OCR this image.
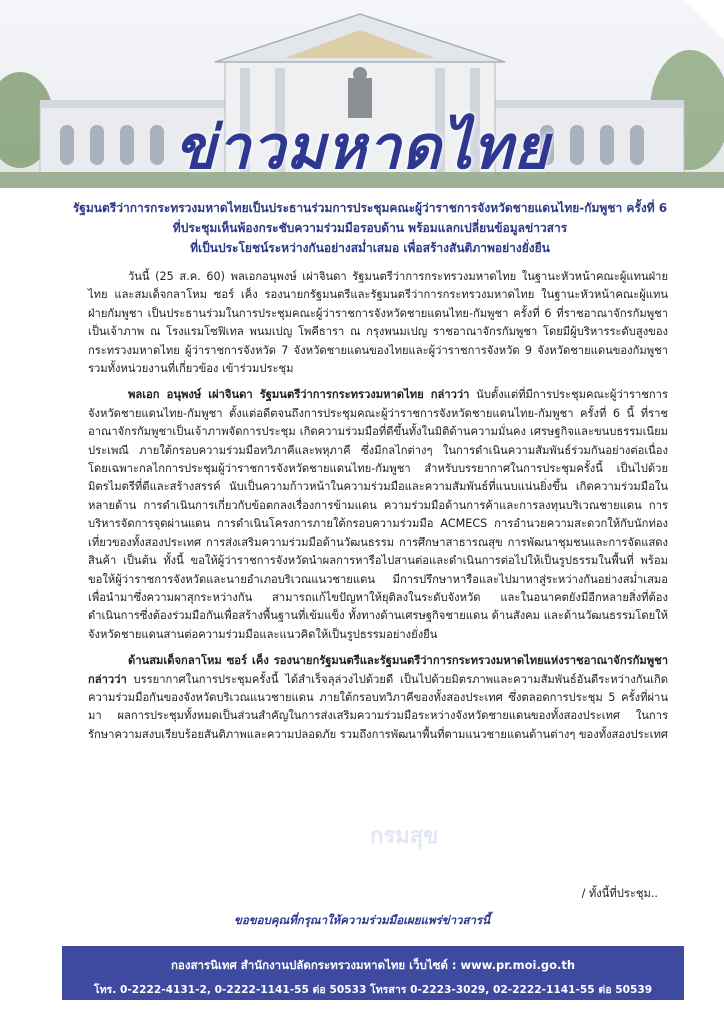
ข่าวมหาดไทย
รัฐมนตรีว่าการกระทรวงมหาดไทยเป็นประธานร่วมการประชุมคณะผู้ว่าราชการจังหวัดชายแดนไทย-กัมพูชา ครั้งที่ 6
ที่ประชุมเห็นพ้องกระชับความร่วมมือรอบด้าน พร้อมแลกเปลี่ยนข้อมูลข่าวสาร
ที่เป็นประโยชน์ระหว่างกันอย่างสม่ำเสมอ เพื่อสร้างสันติภาพอย่างยั่งยืน

วันนี้ (25 ส.ค. 60) พลเอกอนุพงษ์ เผ่าจินดา รัฐมนตรีว่าการกระทรวงมหาดไทย ในฐานะหัวหน้าคณะผู้แทนฝ่ายไทย และสมเด็จกลาโหม ซอร์ เค็ง รองนายกรัฐมนตรีและรัฐมนตรีว่าการกระทรวงมหาดไทย ในฐานะหัวหน้าคณะผู้แทนฝ่ายกัมพูชา เป็นประธานร่วมในการประชุมคณะผู้ว่าราชการจังหวัดชายแดนไทย-กัมพูชา ครั้งที่ 6 ที่ราชอาณาจักรกัมพูชาเป็นเจ้าภาพ ณ โรงแรมโซฟิเทล พนมเปญ โพคีธารา ณ กรุงพนมเปญ ราชอาณาจักรกัมพูชา โดยมีผู้บริหารระดับสูงของกระทรวงมหาดไทย ผู้ว่าราชการจังหวัด 7 จังหวัดชายแดนของไทยและผู้ว่าราชการจังหวัด 9 จังหวัดชายแดนของกัมพูชา รวมทั้งหน่วยงานที่เกี่ยวข้อง เข้าร่วมประชุม

พลเอก อนุพงษ์ เผ่าจินดา รัฐมนตรีว่าการกระทรวงมหาดไทย กล่าวว่า นับตั้งแต่ที่มีการประชุมคณะผู้ว่าราชการจังหวัดชายแดนไทย-กัมพูชา ตั้งแต่อดีตจนถึงการประชุมคณะผู้ว่าราชการจังหวัดชายแดนไทย-กัมพูชา ครั้งที่ 6 นี้ ที่ราชอาณาจักรกัมพูชาเป็นเจ้าภาพจัดการประชุม เกิดความร่วมมือที่ดีขึ้นทั้งในมิติด้านความมั่นคง เศรษฐกิจและขนบธรรมเนียมประเพณี ภายใต้กรอบความร่วมมือทวิภาคีและพหุภาคี ซึ่งมีกลไกต่างๆ ในการดำเนินความสัมพันธ์ร่วมกันอย่างต่อเนื่อง โดยเฉพาะกลไกการประชุมผู้ว่าราชการจังหวัดชายแดนไทย-กัมพูชา สำหรับบรรยากาศในการประชุมครั้งนี้ เป็นไปด้วยมิตรไมตรีที่ดีและสร้างสรรค์ นับเป็นความก้าวหน้าในความร่วมมือและความสัมพันธ์ที่แนบแน่นยิ่งขึ้น เกิดความร่วมมือในหลายด้าน การดำเนินการเกี่ยวกับข้อตกลงเรื่องการข้ามแดน ความร่วมมือด้านการค้าและการลงทุนบริเวณชายแดน การบริหารจัดการจุดผ่านแดน การดำเนินโครงการภายใต้กรอบความร่วมมือ ACMECS การอำนวยความสะดวกให้กับนักท่องเที่ยวของทั้งสองประเทศ การส่งเสริมความร่วมมือด้านวัฒนธรรม การศึกษาสาธารณสุข การพัฒนาชุมชนและการจัดแสดงสินค้า เป็นต้น ทั้งนี้ ขอให้ผู้ว่าราชการจังหวัดนำผลการหารือไปสานต่อและดำเนินการต่อไปให้เป็นรูปธรรมในพื้นที่ พร้อมขอให้ผู้ว่าราชการจังหวัดและนายอำเภอบริเวณแนวชายแดน มีการปรึกษาหารือและไปมาหาสู่ระหว่างกันอย่างสม่ำเสมอ เพื่อนำมาซึ่งความผาสุกระหว่างกัน สามารถแก้ไขปัญหาให้ยุติลงในระดับจังหวัด และในอนาคตยังมีอีกหลายสิ่งที่ต้องดำเนินการซึ่งต้องร่วมมือกันเพื่อสร้างพื้นฐานที่เข้มแข็ง ทั้งทางด้านเศรษฐกิจชายแดน ด้านสังคม และด้านวัฒนธรรมโดยให้จังหวัดชายแดนสานต่อความร่วมมือและแนวคิดให้เป็นรูปธรรมอย่างยั่งยืน

ด้านสมเด็จกลาโหม ซอร์ เค็ง รองนายกรัฐมนตรีและรัฐมนตรีว่าการกระทรวงมหาดไทยแห่งราชอาณาจักรกัมพูชา กล่าวว่า บรรยากาศในการประชุมครั้งนี้ ได้สำเร็จลุล่วงไปด้วยดี เป็นไปด้วยมิตรภาพและความสัมพันธ์อันดีระหว่างกันเกิดความร่วมมือกันของจังหวัดบริเวณแนวชายแดน ภายใต้กรอบทวิภาคีของทั้งสองประเทศ ซึ่งตลอดการประชุม 5 ครั้งที่ผ่านมา ผลการประชุมทั้งหมดเป็นส่วนสำคัญในการส่งเสริมความร่วมมือระหว่างจังหวัดชายแดนของทั้งสองประเทศ ในการรักษาความสงบเรียบร้อยสันติภาพและความปลอดภัย รวมถึงการพัฒนาพื้นที่ตามแนวชายแดนด้านต่างๆ ของทั้งสองประเทศ

กรมสุข
/ ทั้งนี้ที่ประชุม..
ขอขอบคุณที่กรุณาให้ความร่วมมือเผยแพร่ข่าวสารนี้
กองสารนิเทศ สำนักงานปลัดกระทรวงมหาดไทย เว็บไซต์ : www.pr.moi.go.th
โทร. 0-2222-4131-2, 0-2222-1141-55 ต่อ 50533 โทรสาร 0-2223-3029, 02-2222-1141-55 ต่อ 50539
